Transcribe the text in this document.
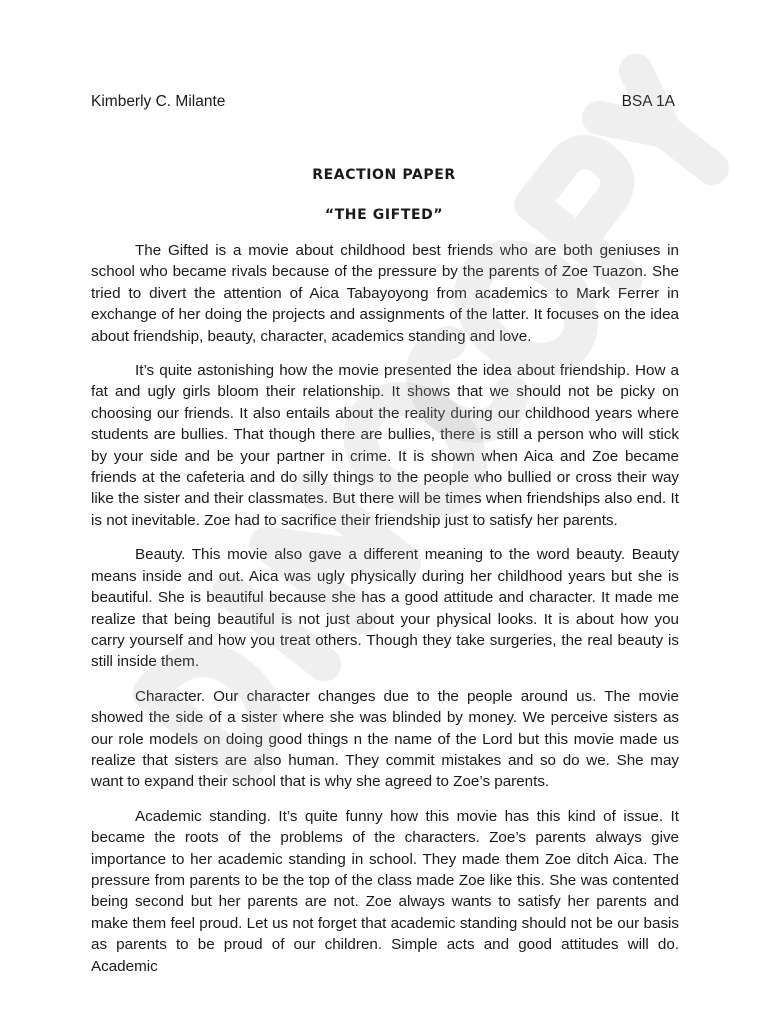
Kimberly C. Milante	BSA 1A
REACTION PAPER
“THE GIFTED”

The Gifted is a movie about childhood best friends who are both geniuses in school who became rivals because of the pressure by the parents of Zoe Tuazon. She tried to divert the attention of Aica Tabayoyong from academics to Mark Ferrer in exchange of her doing the projects and assignments of the latter. It focuses on the idea about friendship, beauty, character, academics standing and love.

It’s quite astonishing how the movie presented the idea about friendship. How a fat and ugly girls bloom their relationship. It shows that we should not be picky on choosing our friends. It also entails about the reality during our childhood years where students are bullies. That though there are bullies, there is still a person who will stick by your side and be your partner in crime. It is shown when Aica and Zoe became friends at the cafeteria and do silly things to the people who bullied or cross their way like the sister and their classmates. But there will be times when friendships also end. It is not inevitable. Zoe had to sacrifice their friendship just to satisfy her parents.

Beauty. This movie also gave a different meaning to the word beauty. Beauty means inside and out. Aica was ugly physically during her childhood years but she is beautiful. She is beautiful because she has a good attitude and character. It made me realize that being beautiful is not just about your physical looks. It is about how you carry yourself and how you treat others. Though they take surgeries, the real beauty is still inside them.

Character. Our character changes due to the people around us. The movie showed the side of a sister where she was blinded by money. We perceive sisters as our role models on doing good things n the name of the Lord but this movie made us realize that sisters are also human. They commit mistakes and so do we. She may want to expand their school that is why she agreed to Zoe’s parents.

Academic standing. It’s quite funny how this movie has this kind of issue. It became the roots of the problems of the characters. Zoe’s parents always give importance to her academic standing in school. They made them Zoe ditch Aica. The pressure from parents to be the top of the class made Zoe like this. She was contented being second but her parents are not. Zoe always wants to satisfy her parents and make them feel proud. Let us not forget that academic standing should not be our basis as parents to be proud of our children. Simple acts and good attitudes will do. Academic
